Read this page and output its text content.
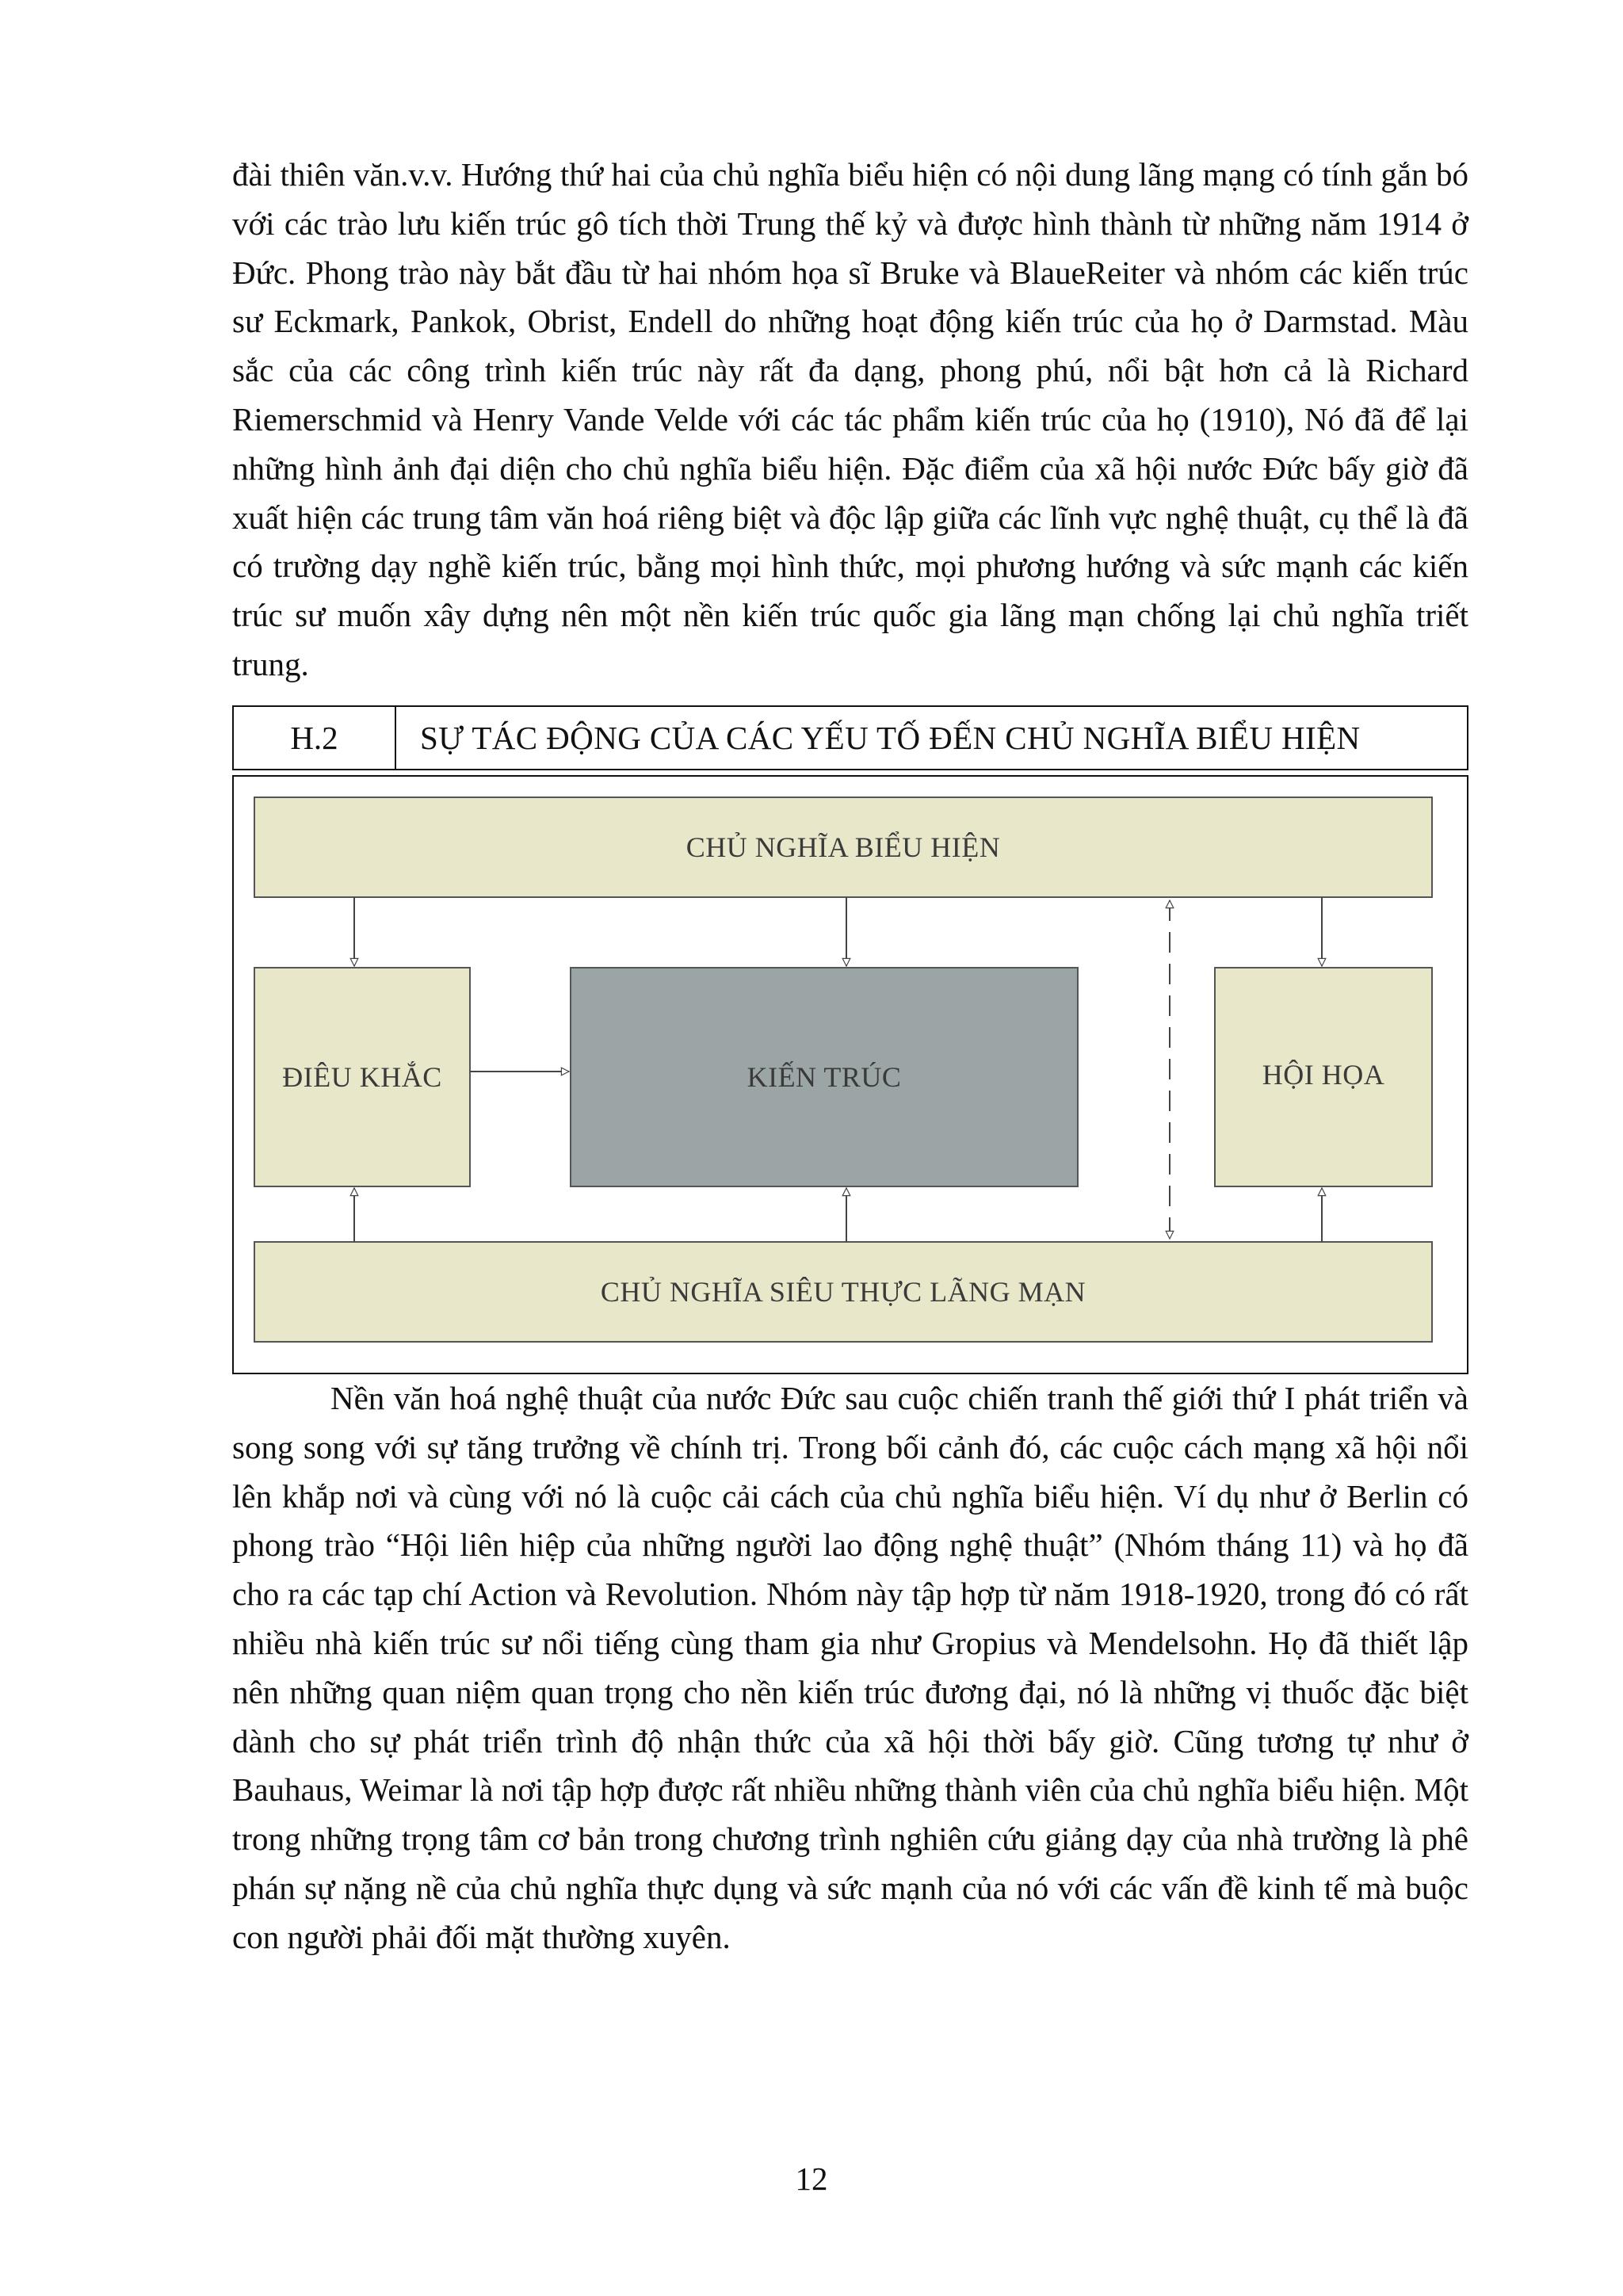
đài thiên văn.v.v. Hướng thứ hai của chủ nghĩa biểu hiện có nội dung lãng mạng có tính gắn bó với các trào lưu kiến trúc gô tích thời Trung thế kỷ và được hình thành từ những năm 1914 ở Đức. Phong trào này bắt đầu từ hai nhóm họa sĩ Bruke và BlaueReiter và nhóm các kiến trúc sư Eckmark, Pankok, Obrist, Endell do những hoạt động kiến trúc của họ ở Darmstad. Màu sắc của các công trình kiến trúc này rất đa dạng, phong phú, nổi bật hơn cả là Richard Riemerschmid và Henry Vande Velde với các tác phẩm kiến trúc của họ (1910), Nó đã để lại những hình ảnh đại diện cho chủ nghĩa biểu hiện. Đặc điểm của xã hội nước Đức bấy giờ đã xuất hiện các trung tâm văn hoá riêng biệt và độc lập giữa các lĩnh vực nghệ thuật, cụ thể là đã có trường dạy nghề kiến trúc, bằng mọi hình thức, mọi phương hướng và sức mạnh các kiến trúc sư muốn xây dựng nên một nền kiến trúc quốc gia lãng mạn chống lại chủ nghĩa triết trung.

H.2	SỰ TÁC ĐỘNG CỦA CÁC YẾU TỐ ĐẾN CHỦ NGHĨA BIỂU HIỆN
CHỦ NGHĨA BIỂU HIỆN
ĐIÊU KHẮC	KIẾN TRÚC	HỘI HỌA
CHỦ NGHĨA SIÊU THỰC LÃNG MẠN

Nền văn hoá nghệ thuật của nước Đức sau cuộc chiến tranh thế giới thứ I phát triển và song song với sự tăng trưởng về chính trị. Trong bối cảnh đó, các cuộc cách mạng xã hội nổi lên khắp nơi và cùng với nó là cuộc cải cách của chủ nghĩa biểu hiện. Ví dụ như ở Berlin có phong trào “Hội liên hiệp của những người lao động nghệ thuật” (Nhóm tháng 11) và họ đã cho ra các tạp chí Action và Revolution. Nhóm này tập hợp từ năm 1918-1920, trong đó có rất nhiều nhà kiến trúc sư nổi tiếng cùng tham gia như Gropius và Mendelsohn. Họ đã thiết lập nên những quan niệm quan trọng cho nền kiến trúc đương đại, nó là những vị thuốc đặc biệt dành cho sự phát triển trình độ nhận thức của xã hội thời bấy giờ. Cũng tương tự như ở Bauhaus, Weimar là nơi tập hợp được rất nhiều những thành viên của chủ nghĩa biểu hiện. Một trong những trọng tâm cơ bản trong chương trình nghiên cứu giảng dạy của nhà trường là phê phán sự nặng nề của chủ nghĩa thực dụng và sức mạnh của nó với các vấn đề kinh tế mà buộc con người phải đối mặt thường xuyên.

12
